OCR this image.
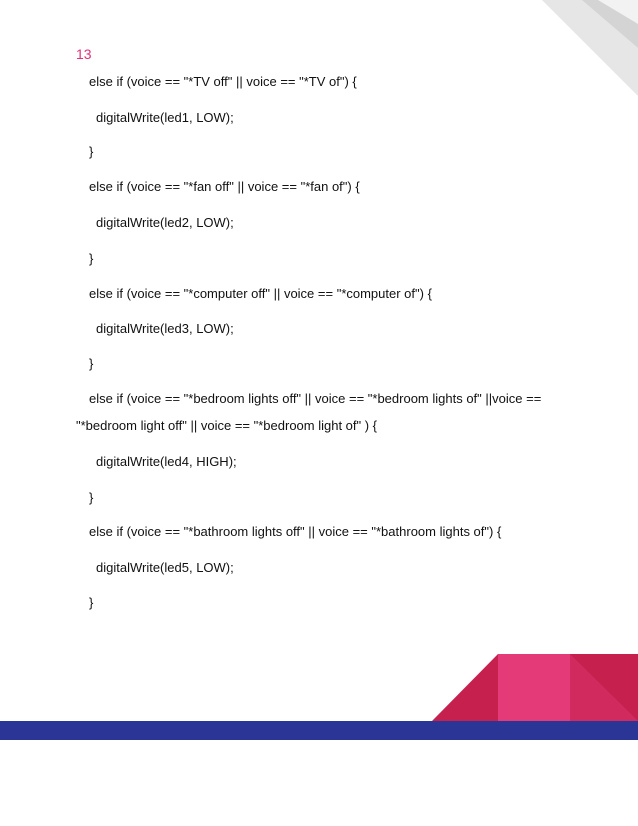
13
else if (voice == "*TV off" || voice == "*TV of") {
digitalWrite(led1, LOW);
}
else if (voice == "*fan off" || voice == "*fan of") {
digitalWrite(led2, LOW);
}
else if (voice == "*computer off" || voice == "*computer of") {
digitalWrite(led3, LOW);
}
else if (voice == "*bedroom lights off" || voice == "*bedroom lights of" ||voice ==
"*bedroom light off" || voice == "*bedroom light of" ) {
digitalWrite(led4, HIGH);
}
else if (voice == "*bathroom lights off" || voice == "*bathroom lights of") {
digitalWrite(led5, LOW);
}
